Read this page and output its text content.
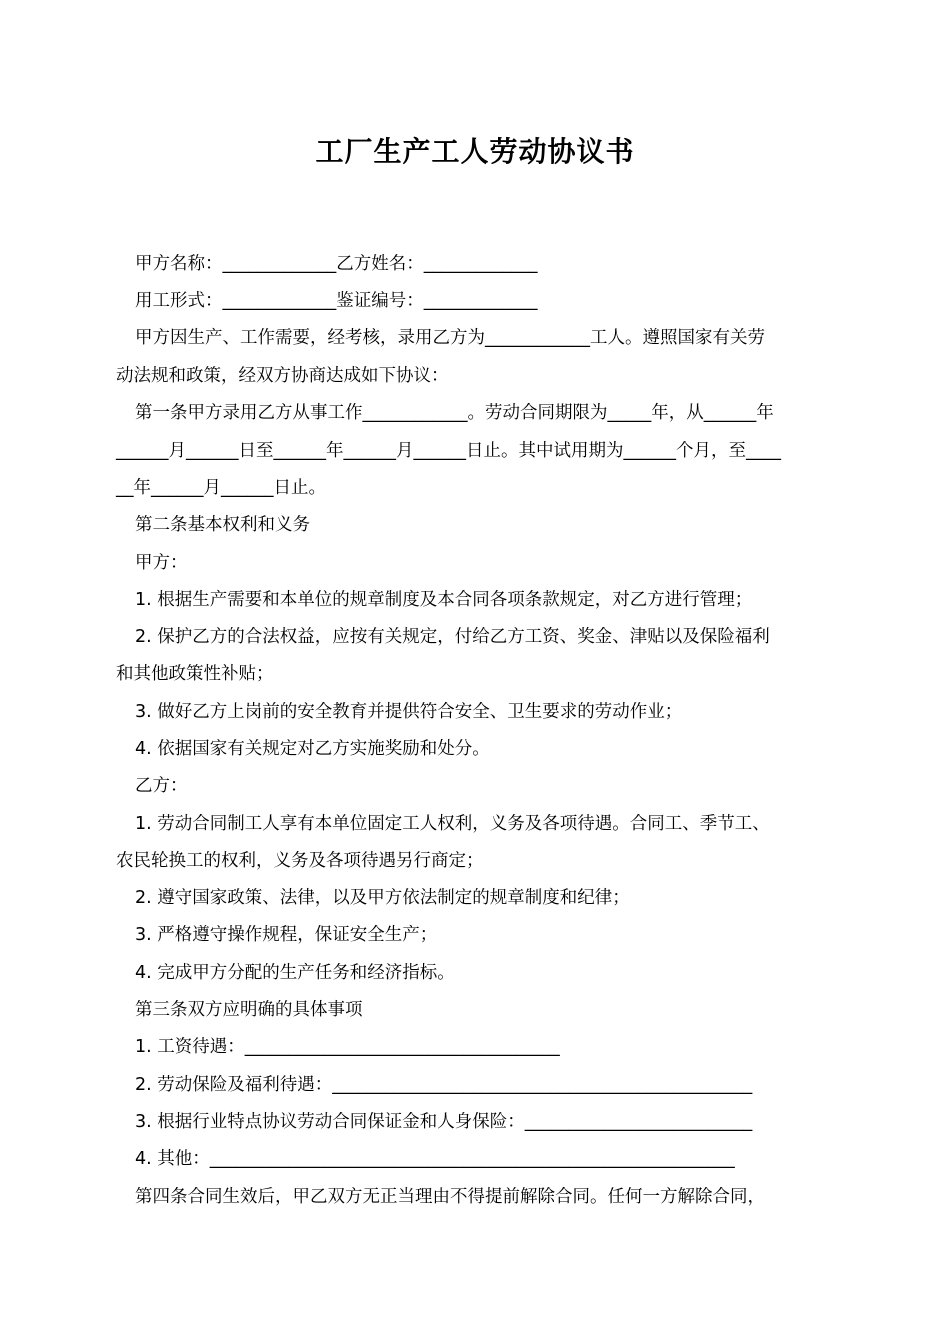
工厂生产工人劳动协议书
甲方名称：_____________乙方姓名：_____________
用工形式：_____________鉴证编号：_____________
甲方因生产、工作需要，经考核，录用乙方为____________工人。遵照国家有关劳
动法规和政策，经双方协商达成如下协议：
第一条甲方录用乙方从事工作____________。劳动合同期限为_____年，从______年
______月______日至______年______月______日止。其中试用期为______个月，至____
__年______月______日止。
第二条基本权利和义务
甲方：
1. 根据生产需要和本单位的规章制度及本合同各项条款规定，对乙方进行管理；
2. 保护乙方的合法权益，应按有关规定，付给乙方工资、奖金、津贴以及保险福利
和其他政策性补贴；
3. 做好乙方上岗前的安全教育并提供符合安全、卫生要求的劳动作业；
4. 依据国家有关规定对乙方实施奖励和处分。
乙方：
1. 劳动合同制工人享有本单位固定工人权利，义务及各项待遇。合同工、季节工、
农民轮换工的权利，义务及各项待遇另行商定；
2. 遵守国家政策、法律，以及甲方依法制定的规章制度和纪律；
3. 严格遵守操作规程，保证安全生产；
4. 完成甲方分配的生产任务和经济指标。
第三条双方应明确的具体事项
1. 工资待遇：____________________________________
2. 劳动保险及福利待遇：________________________________________________
3. 根据行业特点协议劳动合同保证金和人身保险：__________________________
4. 其他：____________________________________________________________
第四条合同生效后，甲乙双方无正当理由不得提前解除合同。任何一方解除合同，
